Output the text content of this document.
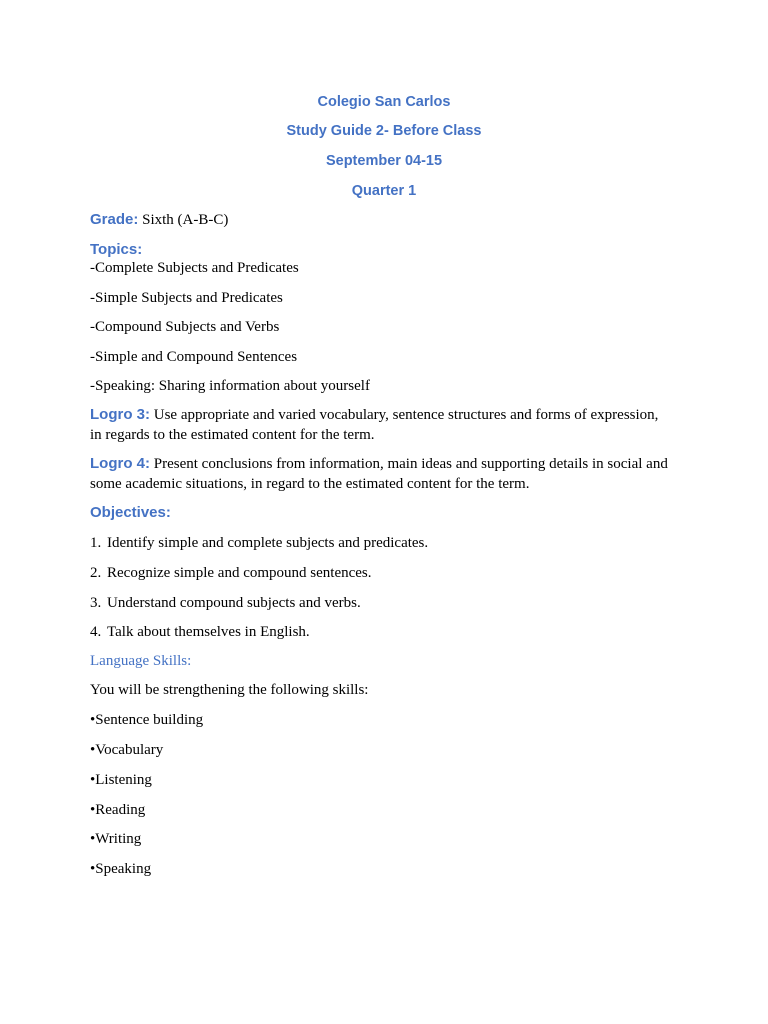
Colegio San Carlos
Study Guide 2- Before Class
September 04-15
Quarter 1
Grade: Sixth (A-B-C)
Topics:
-Complete Subjects and Predicates
-Simple Subjects and Predicates
-Compound Subjects and Verbs
-Simple and Compound Sentences
-Speaking: Sharing information about yourself
Logro 3: Use appropriate and varied vocabulary, sentence structures and forms of expression, in regards to the estimated content for the term.
Logro 4: Present conclusions from information, main ideas and supporting details in social and some academic situations, in regard to the estimated content for the term.
Objectives:
1. Identify simple and complete subjects and predicates.
2. Recognize simple and compound sentences.
3. Understand compound subjects and verbs.
4. Talk about themselves in English.
Language Skills:
You will be strengthening the following skills:
•Sentence building
•Vocabulary
•Listening
•Reading
•Writing
•Speaking
